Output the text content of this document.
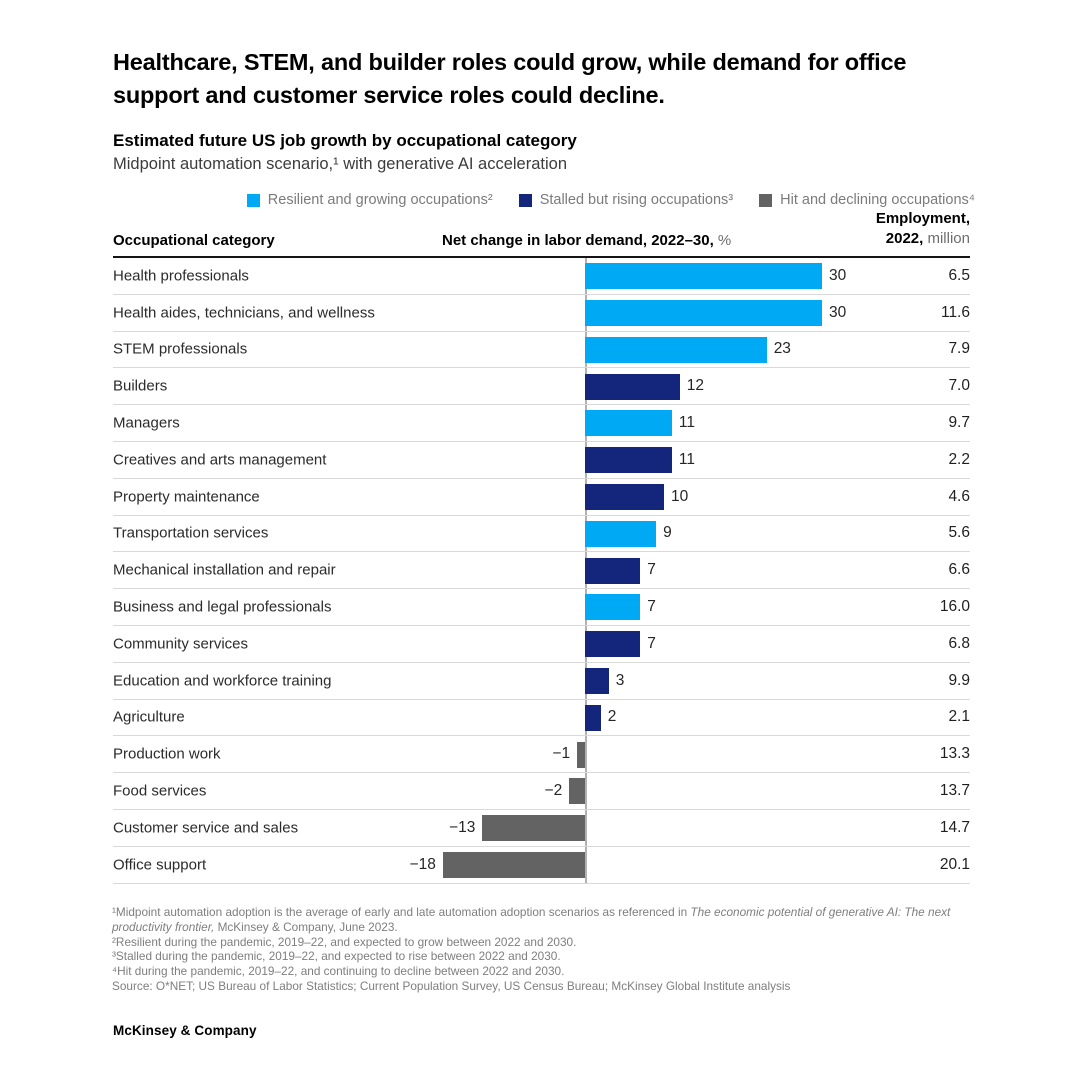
Healthcare, STEM, and builder roles could grow, while demand for office support and customer service roles could decline.
Estimated future US job growth by occupational category
Midpoint automation scenario,¹ with generative AI acceleration
Resilient and growing occupations²	Stalled but rising occupations³	Hit and declining occupations⁴
Occupational category	Net change in labor demand, 2022–30, %
Employment,
2022, million
Health professionals	30	6.5
Health aides, technicians, and wellness	30	11.6
STEM professionals	23	7.9
Builders	12	7.0
Managers	11	9.7
Creatives and arts management	11	2.2
Property maintenance	10	4.6
Transportation services	9	5.6
Mechanical installation and repair	7	6.6
Business and legal professionals	7	16.0
Community services	7	6.8
Education and workforce training	3	9.9
Agriculture	2	2.1
Production work	−1	13.3
Food services	−2	13.7
Customer service and sales	−13	14.7
Office support	−18	20.1
¹Midpoint automation adoption is the average of early and late automation adoption scenarios as referenced in The economic potential of generative AI: The next productivity frontier, McKinsey & Company, June 2023.
²Resilient during the pandemic, 2019–22, and expected to grow between 2022 and 2030.
³Stalled during the pandemic, 2019–22, and expected to rise between 2022 and 2030.
⁴Hit during the pandemic, 2019–22, and continuing to decline between 2022 and 2030.
Source: O*NET; US Bureau of Labor Statistics; Current Population Survey, US Census Bureau; McKinsey Global Institute analysis
McKinsey & Company
